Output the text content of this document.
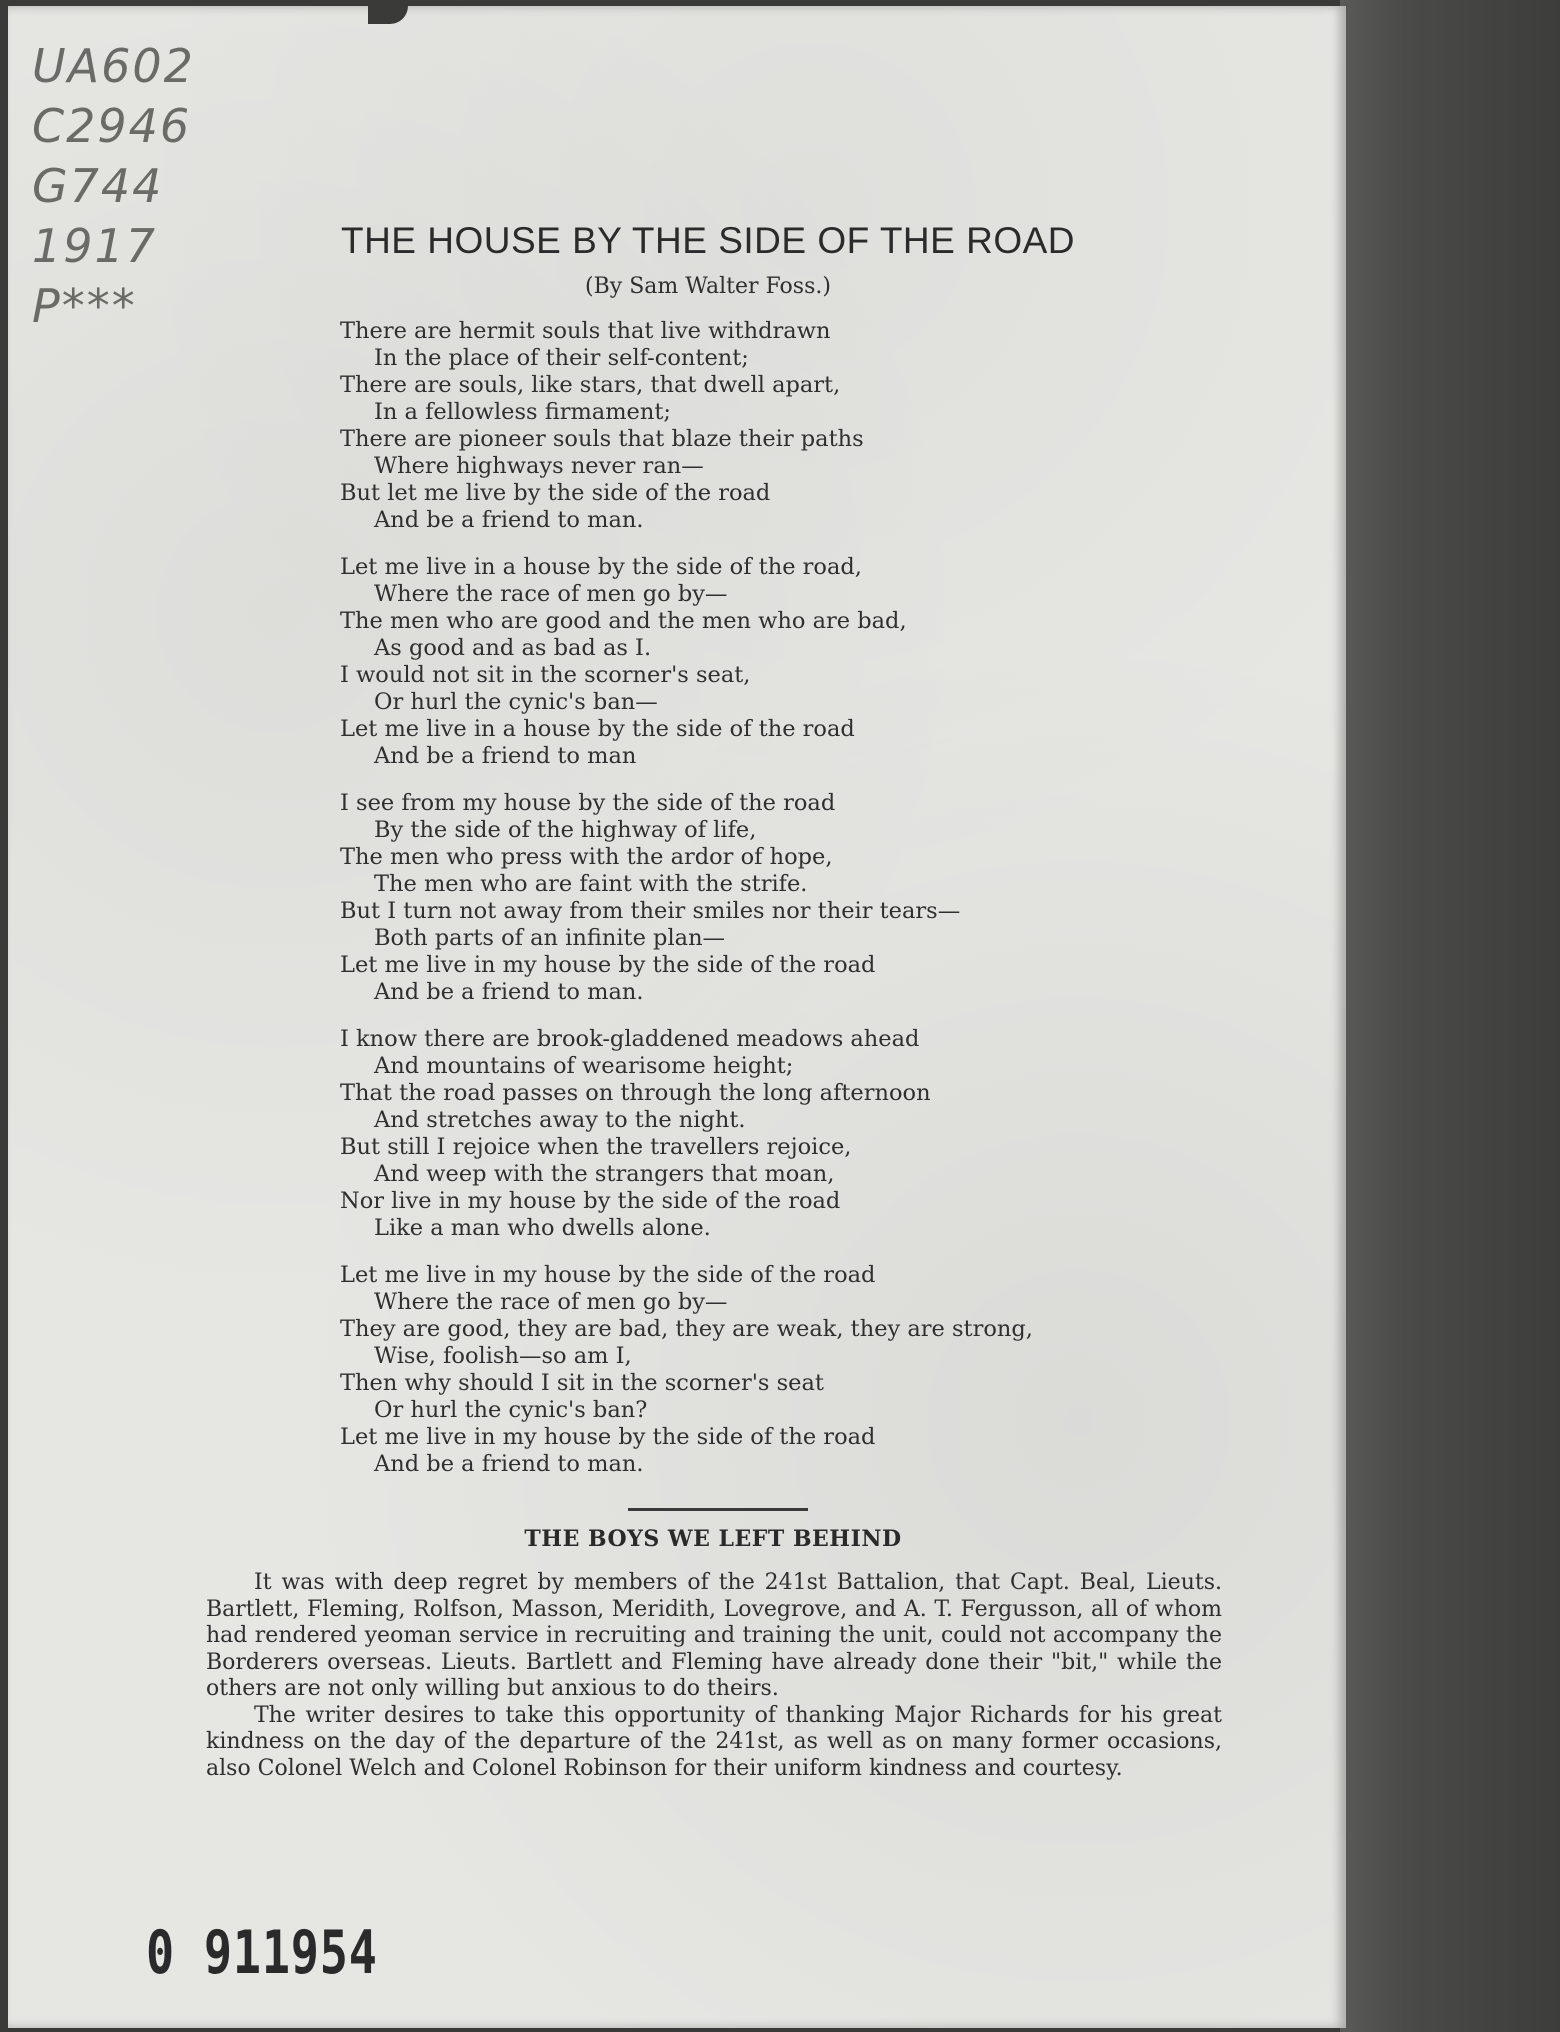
UA602
C2946
G744
1917
P***
THE HOUSE BY THE SIDE OF THE ROAD
(By Sam Walter Foss.)
There are hermit souls that live withdrawn
In the place of their self-content;
There are souls, like stars, that dwell apart,
In a fellowless firmament;
There are pioneer souls that blaze their paths
Where highways never ran—
But let me live by the side of the road
And be a friend to man.
Let me live in a house by the side of the road,
Where the race of men go by—
The men who are good and the men who are bad,
As good and as bad as I.
I would not sit in the scorner's seat,
Or hurl the cynic's ban—
Let me live in a house by the side of the road
And be a friend to man
I see from my house by the side of the road
By the side of the highway of life,
The men who press with the ardor of hope,
The men who are faint with the strife.
But I turn not away from their smiles nor their tears—
Both parts of an infinite plan—
Let me live in my house by the side of the road
And be a friend to man.
I know there are brook-gladdened meadows ahead
And mountains of wearisome height;
That the road passes on through the long afternoon
And stretches away to the night.
But still I rejoice when the travellers rejoice,
And weep with the strangers that moan,
Nor live in my house by the side of the road
Like a man who dwells alone.
Let me live in my house by the side of the road
Where the race of men go by—
They are good, they are bad, they are weak, they are strong,
Wise, foolish—so am I,
Then why should I sit in the scorner's seat
Or hurl the cynic's ban?
Let me live in my house by the side of the road
And be a friend to man.
THE BOYS WE LEFT BEHIND

It was with deep regret by members of the 241st Battalion, that Capt. Beal, Lieuts. Bartlett, Fleming, Rolfson, Masson, Meridith, Lovegrove, and A. T. Fergusson, all of whom had rendered yeoman service in recruiting and training the unit, could not accompany the Borderers overseas. Lieuts. Bartlett and Fleming have already done their "bit," while the others are not only willing but anxious to do theirs.

The writer desires to take this opportunity of thanking Major Richards for his great kindness on the day of the departure of the 241st, as well as on many former occasions, also Colonel Welch and Colonel Robinson for their uniform kindness and courtesy.

0 911954
